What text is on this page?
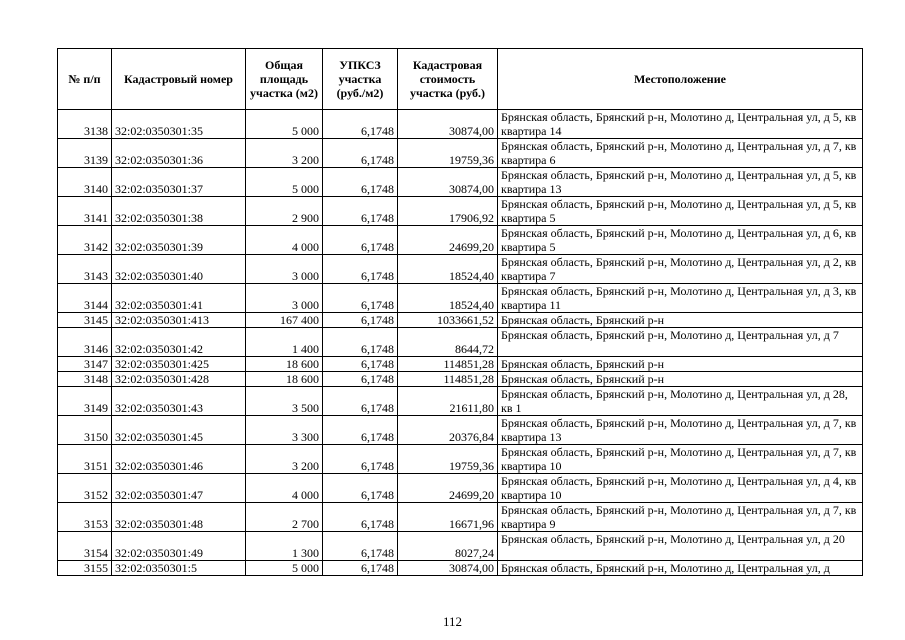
№ п/п	Кадастровый номер	Общая площадь участка (м2)	УПКСЗ участка (руб./м2)	Кадастровая стоимость участка (руб.)	Местоположение
3138	32:02:0350301:35	5 000	6,1748	30874,00	Брянская область, Брянский р-н, Молотино д, Центральная ул, д 5, кв квартира 14
3139	32:02:0350301:36	3 200	6,1748	19759,36	Брянская область, Брянский р-н, Молотино д, Центральная ул, д 7, кв квартира 6
3140	32:02:0350301:37	5 000	6,1748	30874,00	Брянская область, Брянский р-н, Молотино д, Центральная ул, д 5, кв квартира 13
3141	32:02:0350301:38	2 900	6,1748	17906,92	Брянская область, Брянский р-н, Молотино д, Центральная ул, д 5, кв квартира 5
3142	32:02:0350301:39	4 000	6,1748	24699,20	Брянская область, Брянский р-н, Молотино д, Центральная ул, д 6, кв квартира 5
3143	32:02:0350301:40	3 000	6,1748	18524,40	Брянская область, Брянский р-н, Молотино д, Центральная ул, д 2, кв квартира 7
3144	32:02:0350301:41	3 000	6,1748	18524,40	Брянская область, Брянский р-н, Молотино д, Центральная ул, д 3, кв квартира 11
3145	32:02:0350301:413	167 400	6,1748	1033661,52	Брянская область, Брянский р-н
3146	32:02:0350301:42	1 400	6,1748	8644,72	Брянская область, Брянский р-н, Молотино д, Центральная ул, д 7
3147	32:02:0350301:425	18 600	6,1748	114851,28	Брянская область, Брянский р-н
3148	32:02:0350301:428	18 600	6,1748	114851,28	Брянская область, Брянский р-н
3149	32:02:0350301:43	3 500	6,1748	21611,80	Брянская область, Брянский р-н, Молотино д, Центральная ул, д 28, кв 1
3150	32:02:0350301:45	3 300	6,1748	20376,84	Брянская область, Брянский р-н, Молотино д, Центральная ул, д 7, кв квартира 13
3151	32:02:0350301:46	3 200	6,1748	19759,36	Брянская область, Брянский р-н, Молотино д, Центральная ул, д 7, кв квартира 10
3152	32:02:0350301:47	4 000	6,1748	24699,20	Брянская область, Брянский р-н, Молотино д, Центральная ул, д 4, кв квартира 10
3153	32:02:0350301:48	2 700	6,1748	16671,96	Брянская область, Брянский р-н, Молотино д, Центральная ул, д 7, кв квартира 9
3154	32:02:0350301:49	1 300	6,1748	8027,24	Брянская область, Брянский р-н, Молотино д, Центральная ул, д 20
3155	32:02:0350301:5	5 000	6,1748	30874,00	Брянская область, Брянский р-н, Молотино д, Центральная ул, д
112
